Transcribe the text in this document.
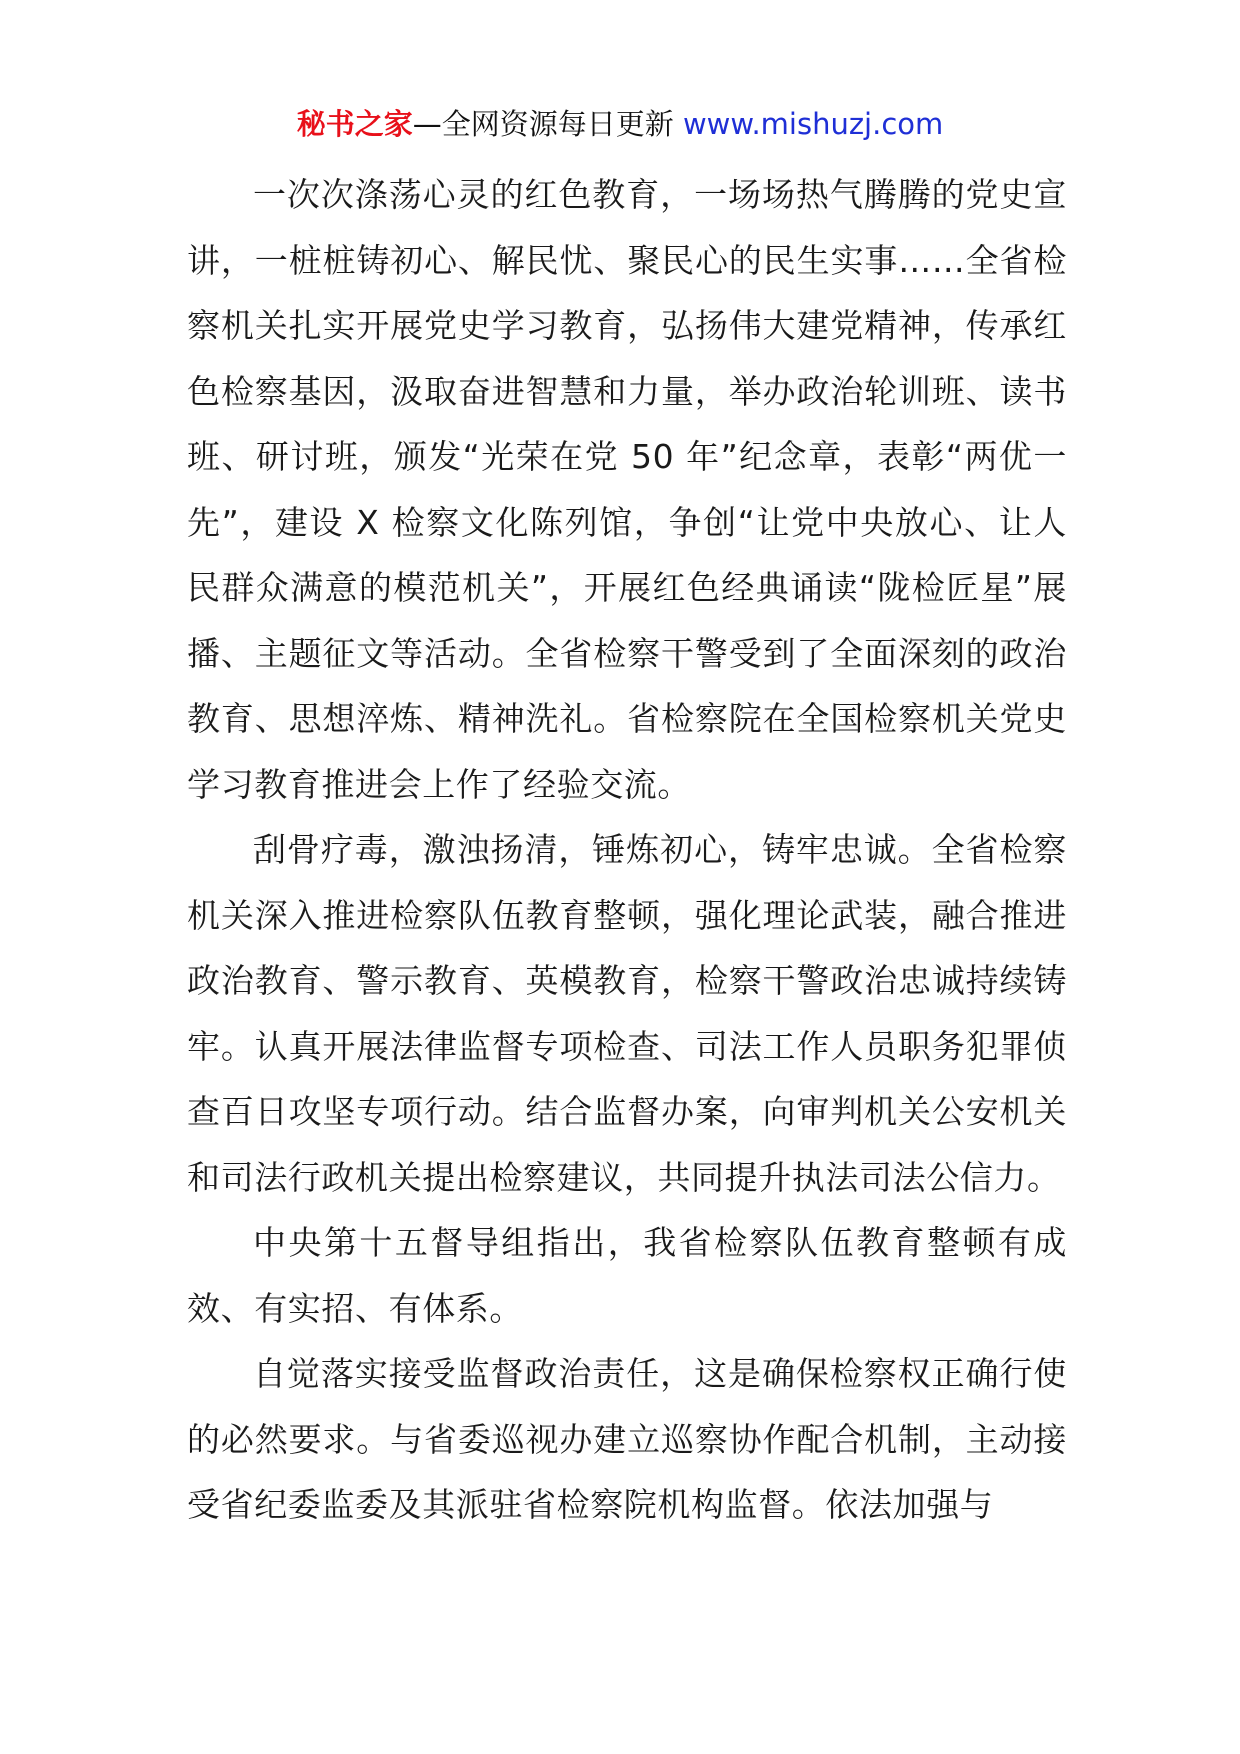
秘书之家—全网资源每日更新 www.mishuzj.com

一次次涤荡心灵的红色教育，一场场热气腾腾的党史宣讲，一桩桩铸初心、解民忧、聚民心的民生实事……全省检察机关扎实开展党史学习教育，弘扬伟大建党精神，传承红色检察基因，汲取奋进智慧和力量，举办政治轮训班、读书班、研讨班，颁发“光荣在党 50 年”纪念章，表彰“两优一先”，建设 X 检察文化陈列馆，争创“让党中央放心、让人民群众满意的模范机关”，开展红色经典诵读“陇检匠星”展播、主题征文等活动。全省检察干警受到了全面深刻的政治教育、思想淬炼、精神洗礼。省检察院在全国检察机关党史学习教育推进会上作了经验交流。

刮骨疗毒，激浊扬清，锤炼初心，铸牢忠诚。全省检察机关深入推进检察队伍教育整顿，强化理论武装，融合推进政治教育、警示教育、英模教育，检察干警政治忠诚持续铸牢。认真开展法律监督专项检查、司法工作人员职务犯罪侦查百日攻坚专项行动。结合监督办案，向审判机关公安机关和司法行政机关提出检察建议，共同提升执法司法公信力。

中央第十五督导组指出，我省检察队伍教育整顿有成效、有实招、有体系。

自觉落实接受监督政治责任，这是确保检察权正确行使的必然要求。与省委巡视办建立巡察协作配合机制，主动接受省纪委监委及其派驻省检察院机构监督。依法加强与
